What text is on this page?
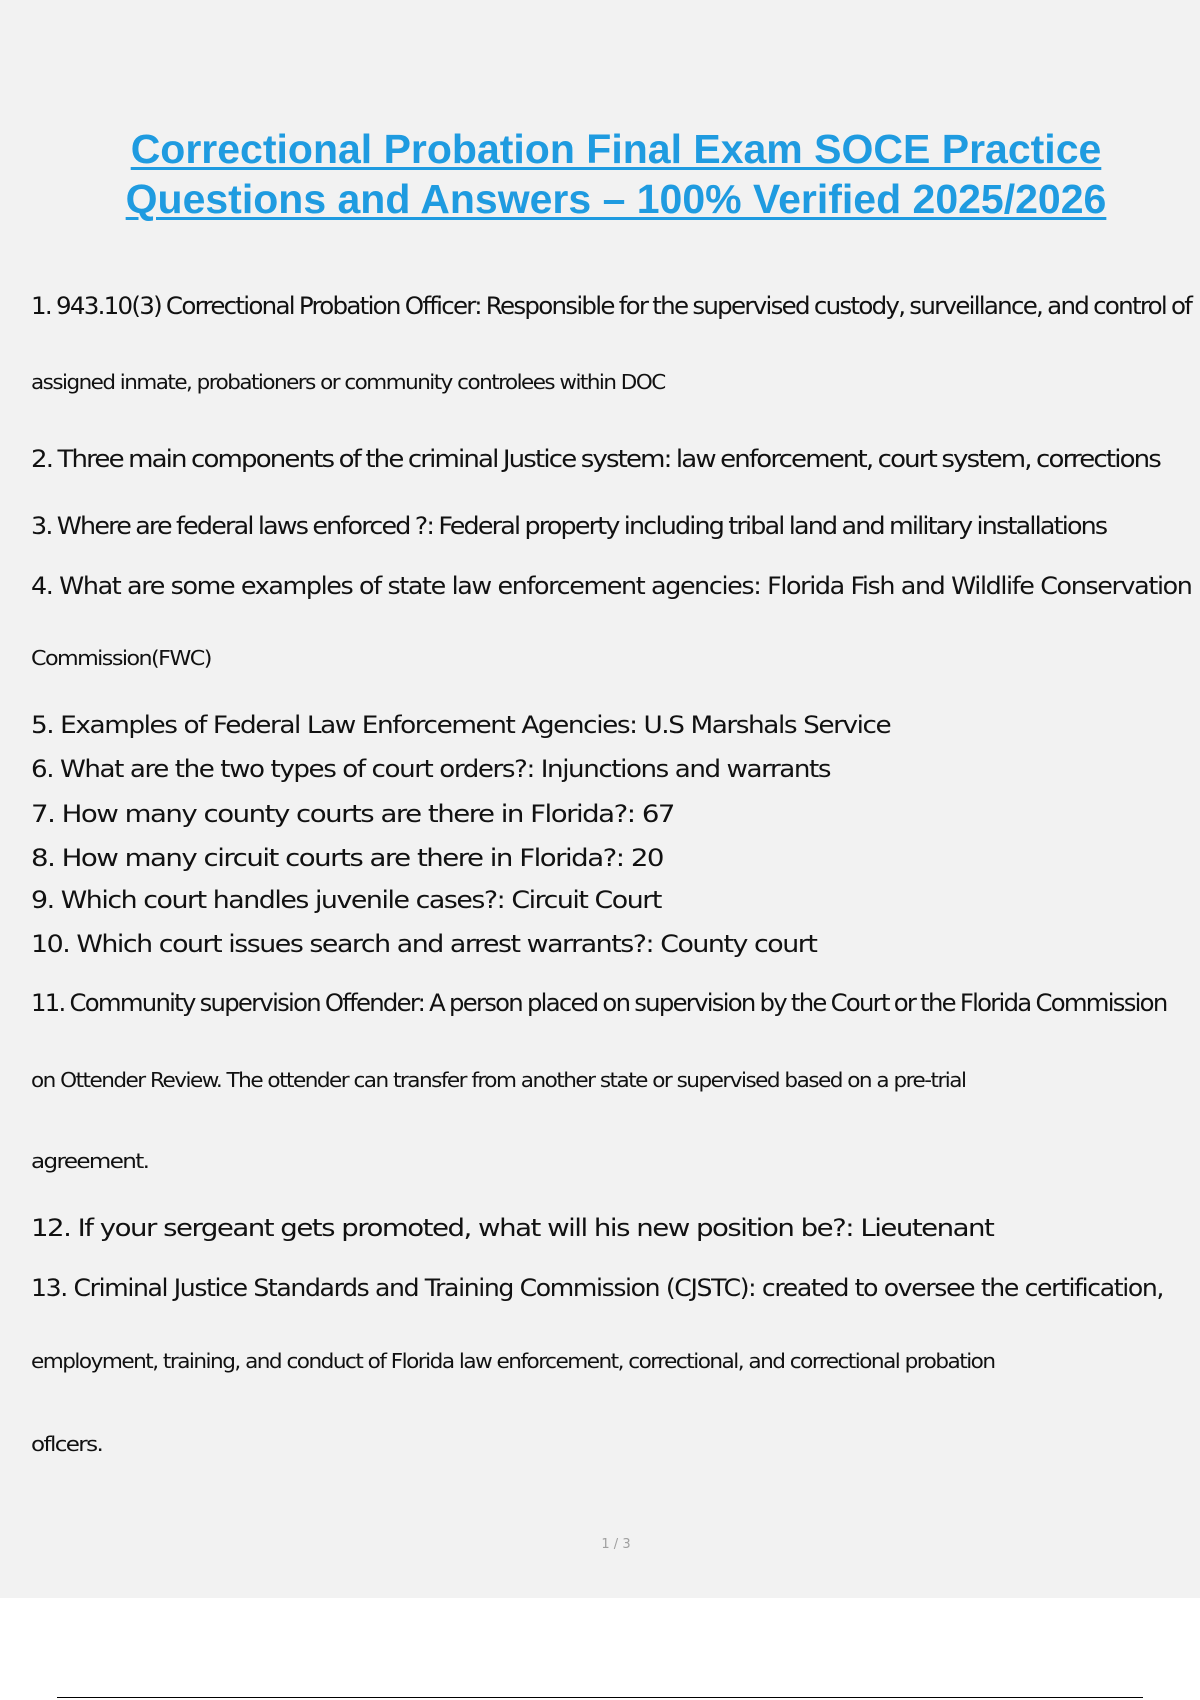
Correctional Probation Final Exam SOCE Practice
Questions and Answers – 100% Verified 2025/2026

1. 943.10(3) Correctional Probation Officer: Responsible for the supervised custody, surveillance, and control of

assigned inmate, probationers or community controlees within DOC

2. Three main components of the criminal Justice system: law enforcement, court system, corrections

3. Where are federal laws enforced ?: Federal property including tribal land and military installations

4. What are some examples of state law enforcement agencies: Florida Fish and Wildlife Conservation

Commission(FWC)

5. Examples of Federal Law Enforcement Agencies: U.S Marshals Service

6. What are the two types of court orders?: Injunctions and warrants

7. How many county courts are there in Florida?: 67

8. How many circuit courts are there in Florida?: 20

9. Which court handles juvenile cases?: Circuit Court

10. Which court issues search and arrest warrants?: County court

11. Community supervision Offender: A person placed on supervision by the Court or the Florida Commission

on Ottender Review. The ottender can transfer from another state or supervised based on a pre-trial

agreement.

12. If your sergeant gets promoted, what will his new position be?: Lieutenant

13. Criminal Justice Standards and Training Commission (CJSTC): created to oversee the certification,

employment, training, and conduct of Florida law enforcement, correctional, and correctional probation

oflcers.

1 / 3
